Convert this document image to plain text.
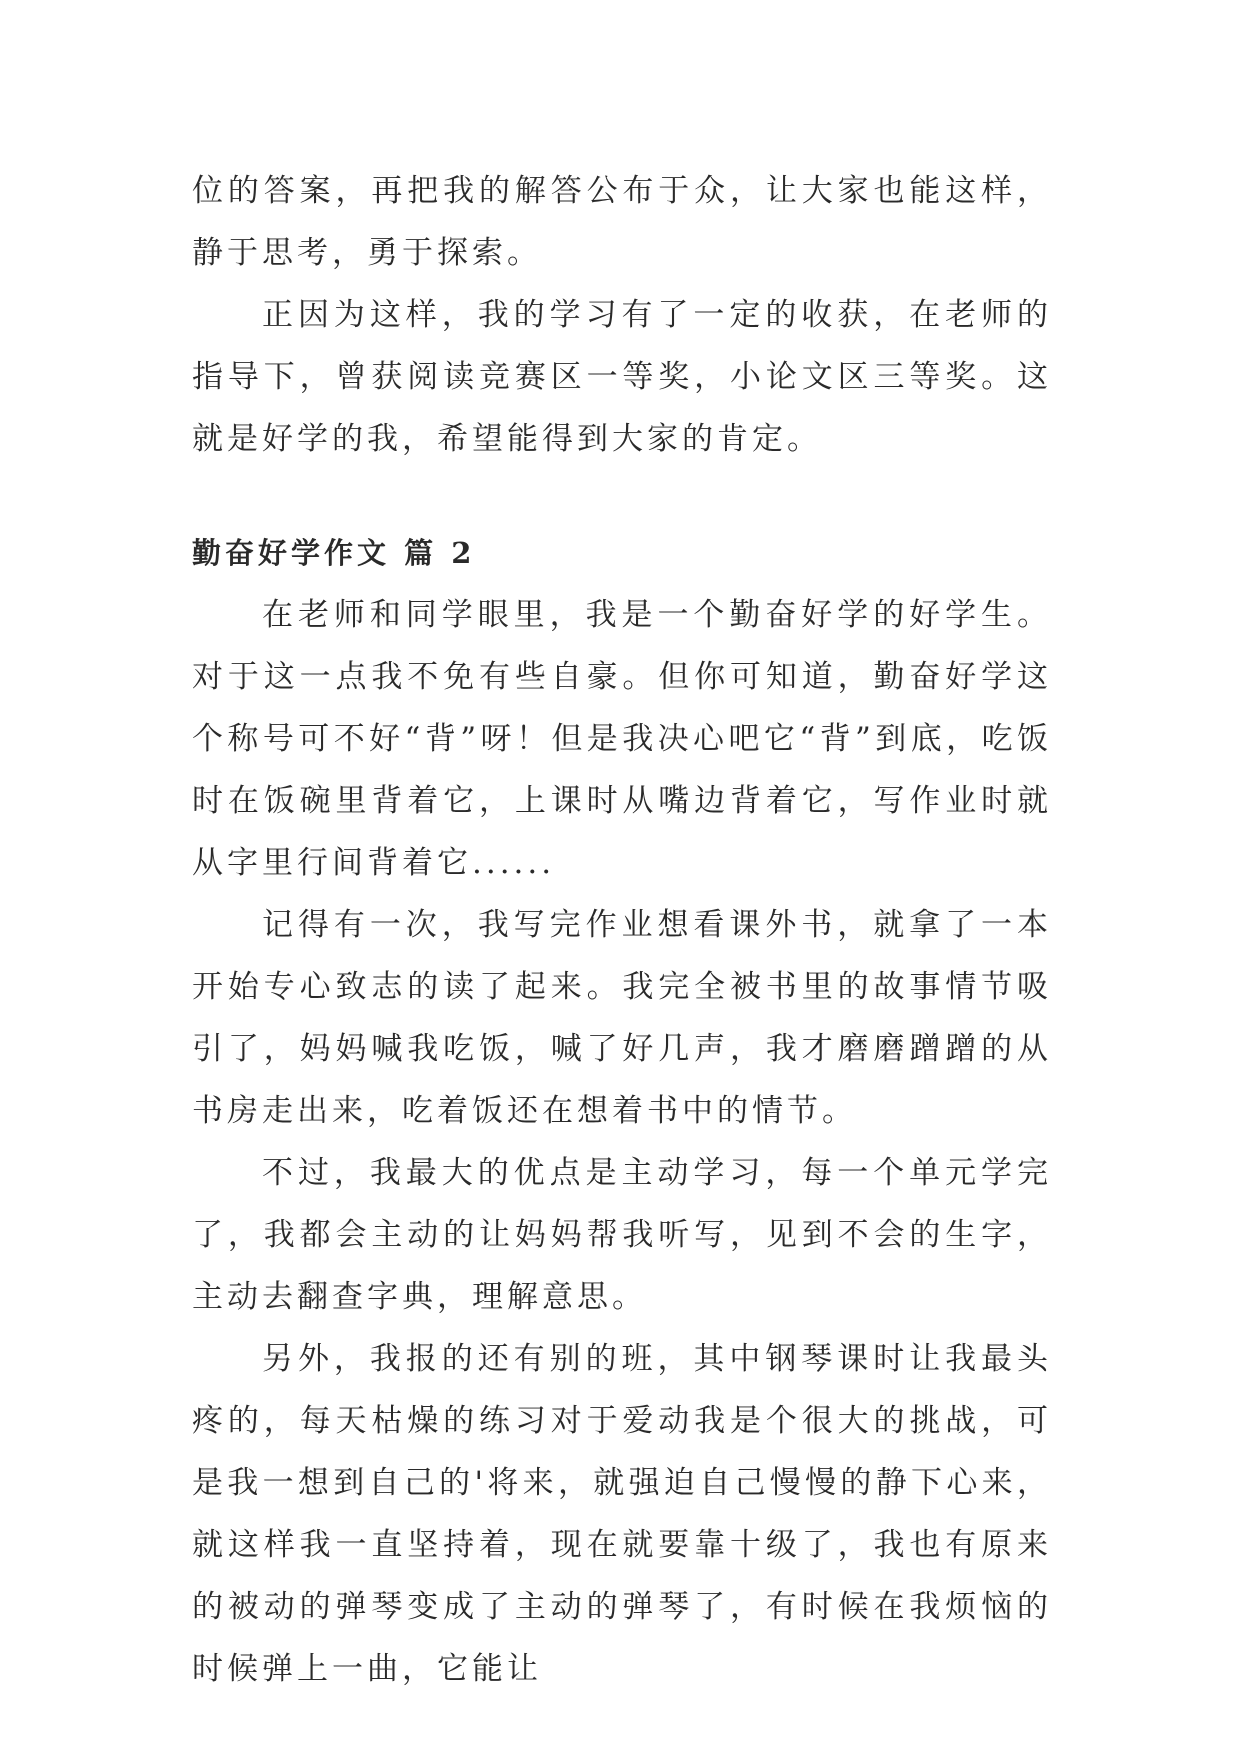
位的答案，再把我的解答公布于众，让大家也能这样，静于思考，勇于探索。

正因为这样，我的学习有了一定的收获，在老师的指导下，曾获阅读竞赛区一等奖，小论文区三等奖。这就是好学的我，希望能得到大家的肯定。

勤奋好学作文 篇 2

在老师和同学眼里，我是一个勤奋好学的好学生。对于这一点我不免有些自豪。但你可知道，勤奋好学这个称号可不好“背”呀！但是我决心吧它“背”到底，吃饭时在饭碗里背着它，上课时从嘴边背着它，写作业时就从字里行间背着它......

记得有一次，我写完作业想看课外书，就拿了一本开始专心致志的读了起来。我完全被书里的故事情节吸引了，妈妈喊我吃饭，喊了好几声，我才磨磨蹭蹭的从书房走出来，吃着饭还在想着书中的情节。

不过，我最大的优点是主动学习，每一个单元学完了，我都会主动的让妈妈帮我听写，见到不会的生字，主动去翻查字典，理解意思。

另外，我报的还有别的班，其中钢琴课时让我最头疼的，每天枯燥的练习对于爱动我是个很大的挑战，可是我一想到自己的'将来，就强迫自己慢慢的静下心来，就这样我一直坚持着，现在就要靠十级了，我也有原来的被动的弹琴变成了主动的弹琴了，有时候在我烦恼的时候弹上一曲，它能让
